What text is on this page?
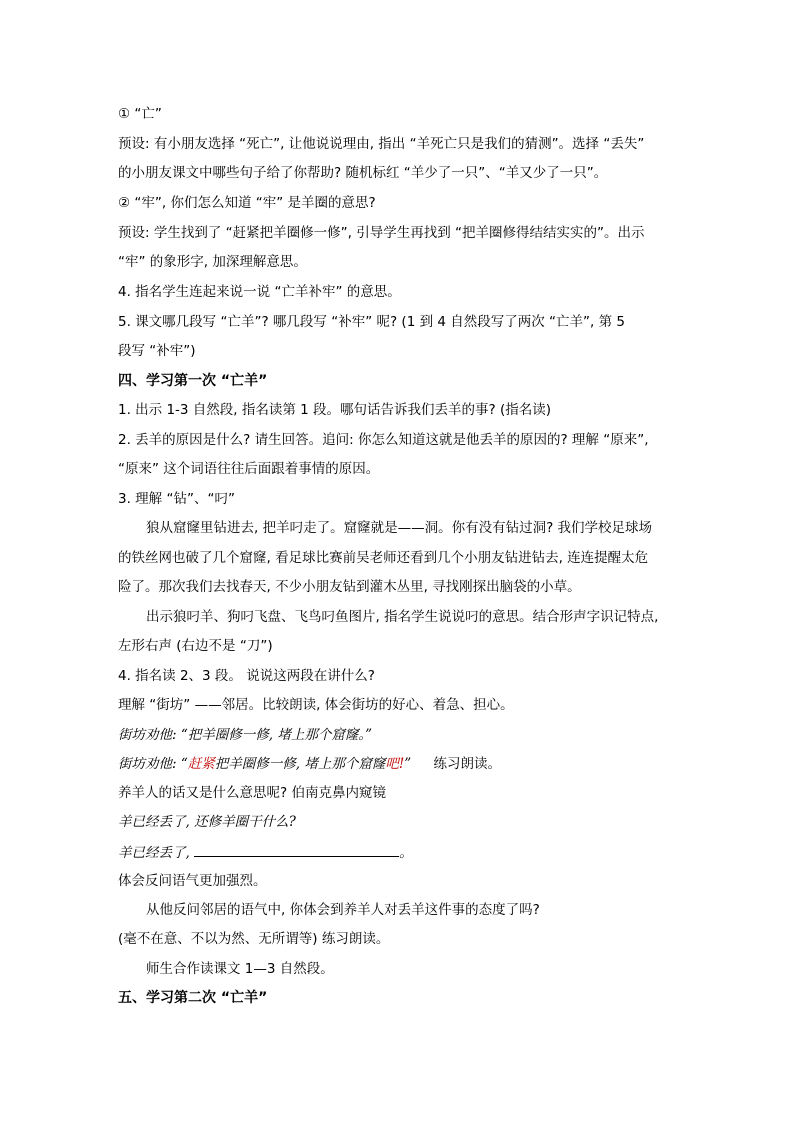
① “亡”
预设: 有小朋友选择 “死亡”, 让他说说理由, 指出 “羊死亡只是我们的猜测”。选择 “丢失”
的小朋友课文中哪些句子给了你帮助? 随机标红 “羊少了一只”、“羊又少了一只”。
② “牢”, 你们怎么知道 “牢” 是羊圈的意思?
预设: 学生找到了 “赶紧把羊圈修一修”, 引导学生再找到 “把羊圈修得结结实实的”。出示
“牢” 的象形字, 加深理解意思。
4. 指名学生连起来说一说 “亡羊补牢” 的意思。
5. 课文哪几段写 “亡羊”? 哪几段写 “补牢” 呢? (1 到 4 自然段写了两次 “亡羊”, 第 5
段写 “补牢”)
四、学习第一次 “亡羊”
1. 出示 1-3 自然段, 指名读第 1 段。哪句话告诉我们丢羊的事? (指名读)
2. 丢羊的原因是什么? 请生回答。追问: 你怎么知道这就是他丢羊的原因的? 理解 “原来”,
“原来” 这个词语往往后面跟着事情的原因。
3. 理解 “钻”、“叼”
狼从窟窿里钻进去, 把羊叼走了。窟窿就是——洞。你有没有钻过洞? 我们学校足球场
的铁丝网也破了几个窟窿, 看足球比赛前吴老师还看到几个小朋友钻进钻去, 连连提醒太危
险了。那次我们去找春天, 不少小朋友钻到灌木丛里, 寻找刚探出脑袋的小草。
出示狼叼羊、狗叼飞盘、飞鸟叼鱼图片, 指名学生说说叼的意思。结合形声字识记特点,
左形右声 (右边不是 “刀”)
4. 指名读 2、3 段。 说说这两段在讲什么?
理解 “街坊” ——邻居。比较朗读, 体会街坊的好心、着急、担心。
街坊劝他: “把羊圈修一修, 堵上那个窟窿。”
街坊劝他: “赶紧把羊圈修一修, 堵上那个窟窿吧!” 练习朗读。
养羊人的话又是什么意思呢? 伯南克鼻内窥镜
羊已经丢了, 还修羊圈干什么?
羊已经丢了,	。
体会反问语气更加强烈。
从他反问邻居的语气中, 你体会到养羊人对丢羊这件事的态度了吗?
(毫不在意、不以为然、无所谓等) 练习朗读。
师生合作读课文 1—3 自然段。
五、学习第二次 “亡羊”
